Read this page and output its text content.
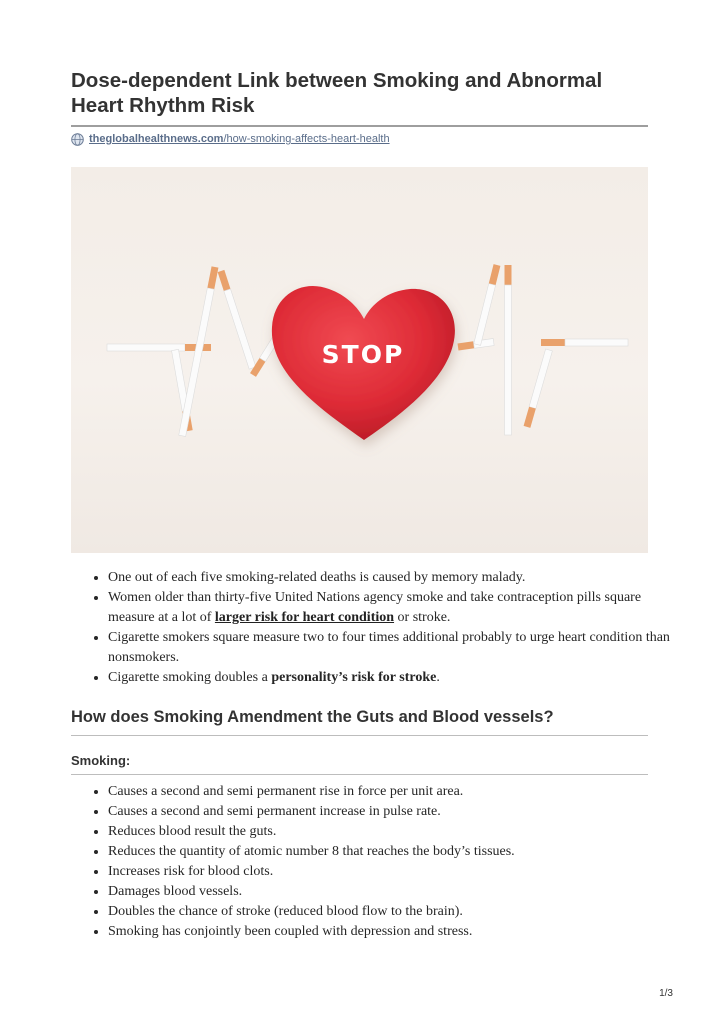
Dose-dependent Link between Smoking and Abnormal Heart Rhythm Risk
theglobalhealthnews.com /how-smoking-affects-heart-health
STOP
• One out of each five smoking-related deaths is caused by memory malady.
• Women older than thirty-five United Nations agency smoke and take contraception pills square measure at a lot of larger risk for heart condition or stroke.
• Cigarette smokers square measure two to four times additional probably to urge heart condition than nonsmokers.
• Cigarette smoking doubles a personality’s risk for stroke.
How does Smoking Amendment the Guts and Blood vessels?
Smoking:
• Causes a second and semi permanent rise in force per unit area.
• Causes a second and semi permanent increase in pulse rate.
• Reduces blood result the guts.
• Reduces the quantity of atomic number 8 that reaches the body’s tissues.
• Increases risk for blood clots.
• Damages blood vessels.
• Doubles the chance of stroke (reduced blood flow to the brain).
• Smoking has conjointly been coupled with depression and stress.
1/3
